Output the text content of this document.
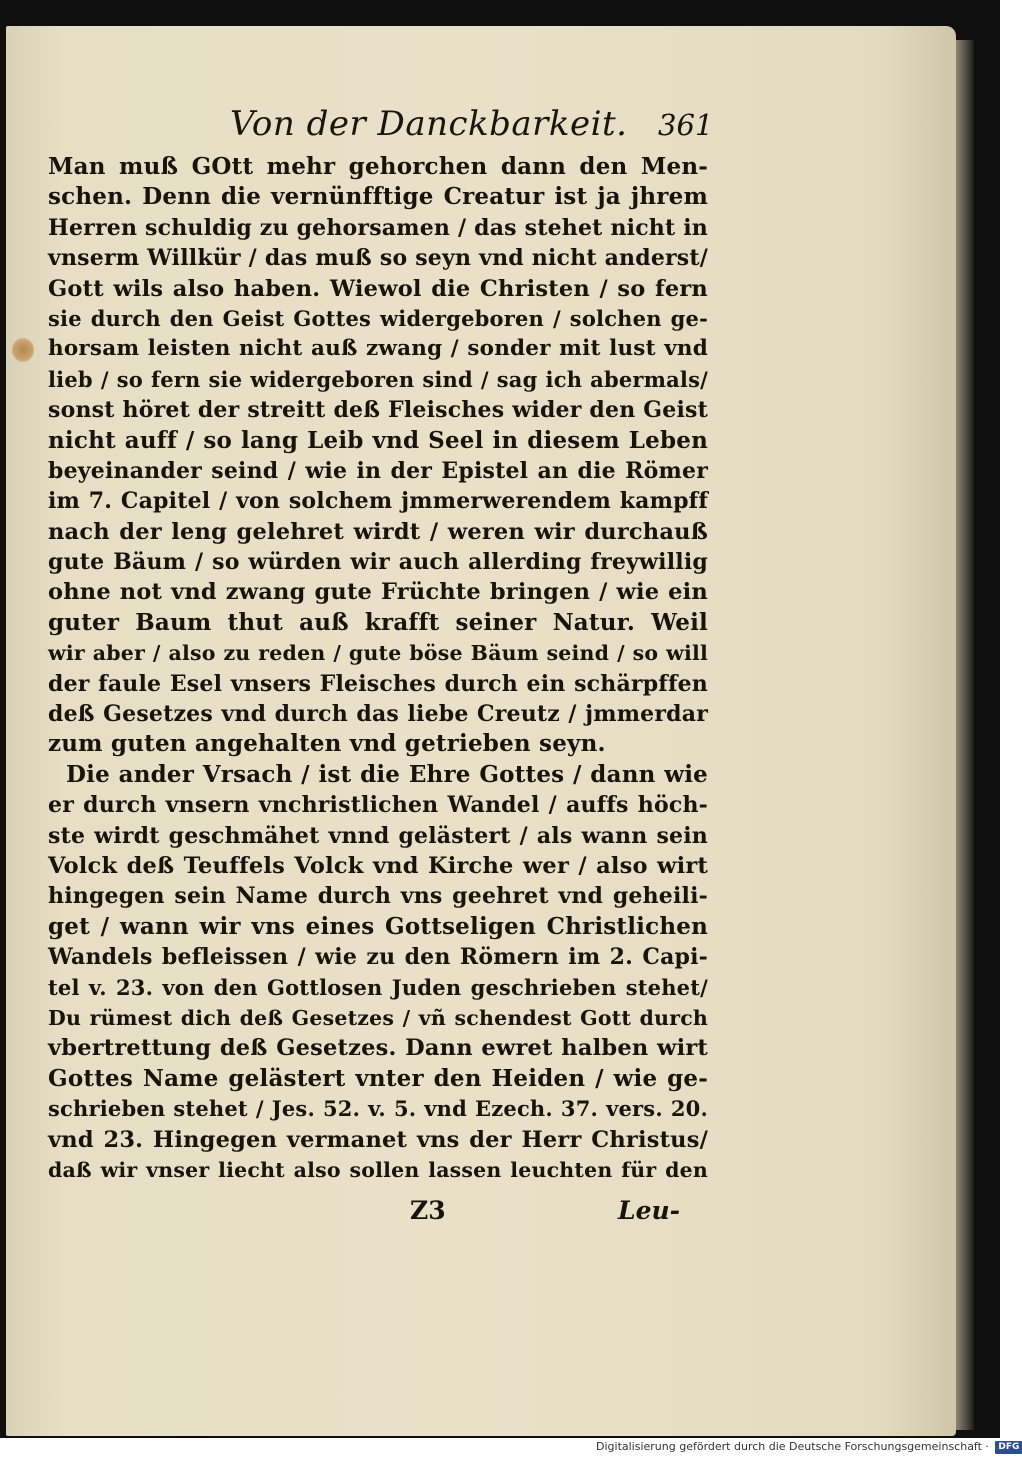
Von der Danckbarkeit. 361
Man muß GOtt mehr gehorchen dann den Men-
schen. Denn die vernünfftige Creatur ist ja jhrem
Herren schuldig zu gehorsamen / das stehet nicht in
vnserm Willkür / das muß so seyn vnd nicht anderst/
Gott wils also haben. Wiewol die Christen / so fern
sie durch den Geist Gottes widergeboren / solchen ge-
horsam leisten nicht auß zwang / sonder mit lust vnd
lieb / so fern sie widergeboren sind / sag ich abermals/
sonst höret der streitt deß Fleisches wider den Geist
nicht auff / so lang Leib vnd Seel in diesem Leben
beyeinander seind / wie in der Epistel an die Römer
im 7. Capitel / von solchem jmmerwerendem kampff
nach der leng gelehret wirdt / weren wir durchauß
gute Bäum / so würden wir auch allerding freywillig
ohne not vnd zwang gute Früchte bringen / wie ein
guter Baum thut auß krafft seiner Natur. Weil
wir aber / also zu reden / gute böse Bäum seind / so will
der faule Esel vnsers Fleisches durch ein schärpffen
deß Gesetzes vnd durch das liebe Creutz / jmmerdar
zum guten angehalten vnd getrieben seyn.
Die ander Vrsach / ist die Ehre Gottes / dann wie
er durch vnsern vnchristlichen Wandel / auffs höch-
ste wirdt geschmähet vnnd gelästert / als wann sein
Volck deß Teuffels Volck vnd Kirche wer / also wirt
hingegen sein Name durch vns geehret vnd geheili-
get / wann wir vns eines Gottseligen Christlichen
Wandels befleissen / wie zu den Römern im 2. Capi-
tel v. 23. von den Gottlosen Juden geschrieben stehet/
Du rümest dich deß Gesetzes / vñ schendest Gott durch
vbertrettung deß Gesetzes. Dann ewret halben wirt
Gottes Name gelästert vnter den Heiden / wie ge-
schrieben stehet / Jes. 52. v. 5. vnd Ezech. 37. vers. 20.
vnd 23. Hingegen vermanet vns der Herr Christus/
daß wir vnser liecht also sollen lassen leuchten für den
Z3	Leu-
Digitalisierung gefördert durch die Deutsche Forschungsgemeinschaft · DFG
